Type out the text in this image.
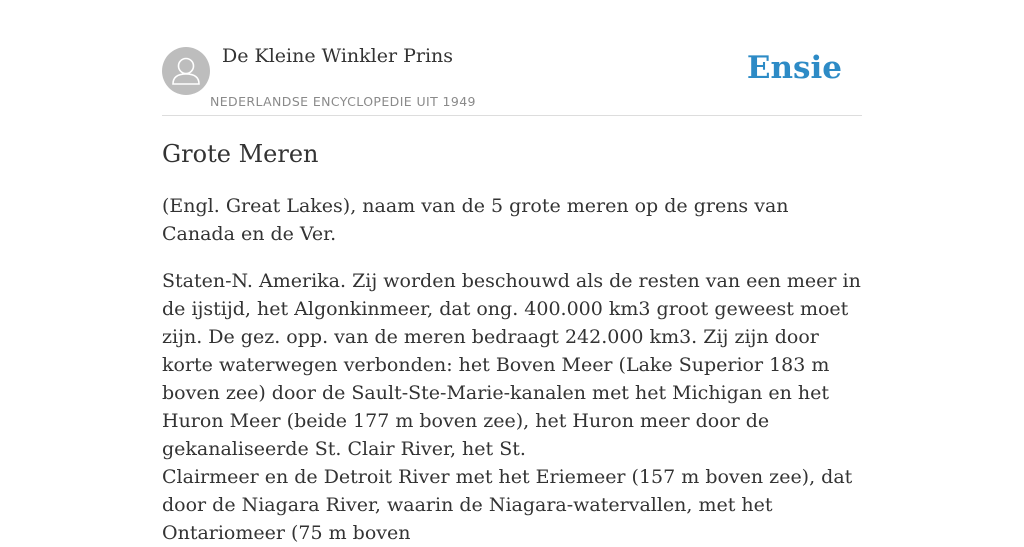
De Kleine Winkler Prins
NEDERLANDSE ENCYCLOPEDIE UIT 1949
Ensie
Grote Meren

(Engl. Great Lakes), naam van de 5 grote meren op de grens van Canada en de Ver.

Staten-N. Amerika. Zij worden beschouwd als de resten van een meer in de ijstijd, het Algonkinmeer, dat ong. 400.000 km3 groot geweest moet zijn. De gez. opp. van de meren bedraagt 242.000 km3. Zij zijn door korte waterwegen verbonden: het Boven Meer (Lake Superior 183 m boven zee) door de Sault-Ste-Marie-kanalen met het Michigan en het Huron Meer (beide 177 m boven zee), het Huron meer door de gekanaliseerde St. Clair River, het St.

Clairmeer en de Detroit River met het Eriemeer (157 m boven zee), dat door de Niagara River, waarin de Niagara-watervallen, met het Ontariomeer (75 m boven
